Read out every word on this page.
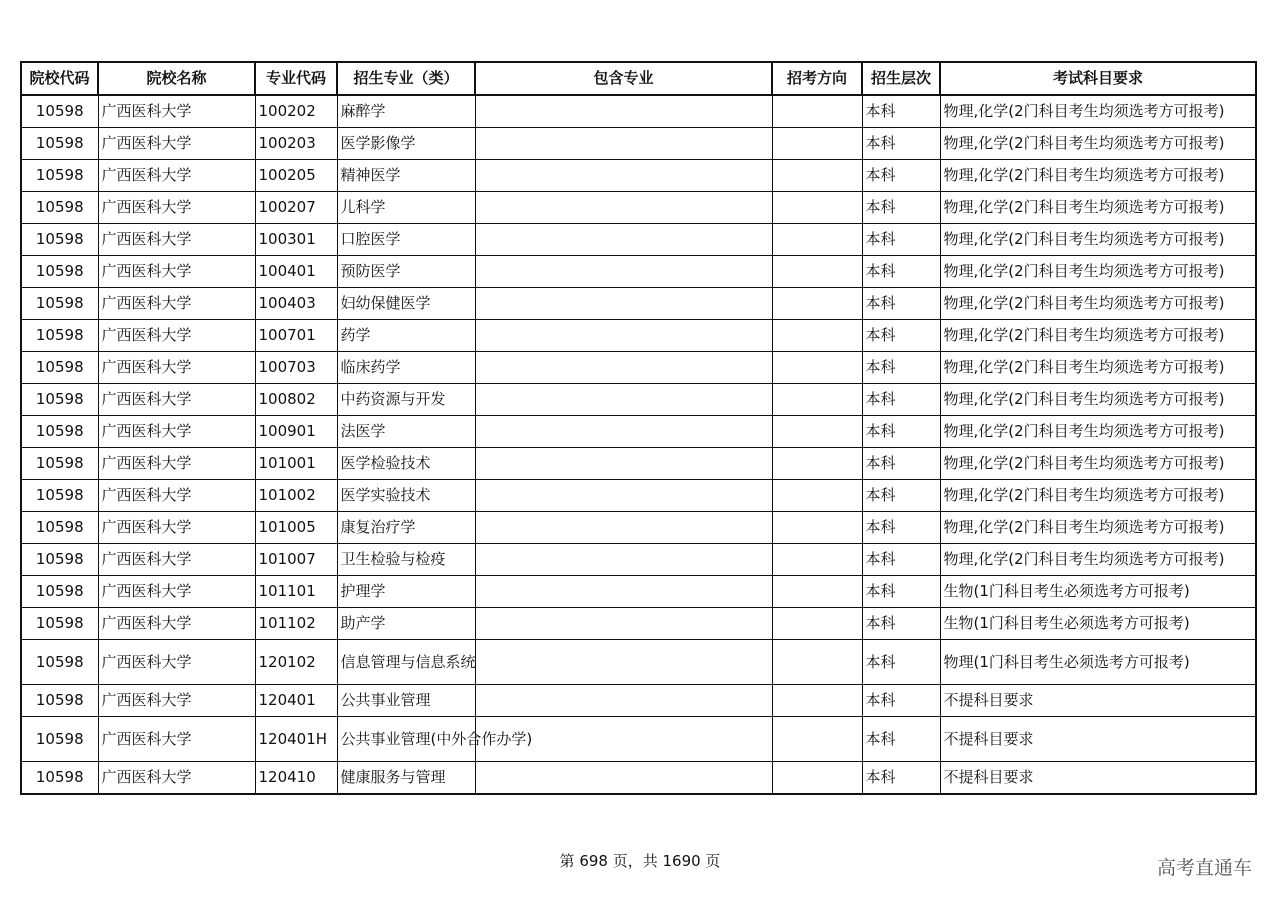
院校代码	院校名称	专业代码	招生专业（类）	包含专业	招考方向	招生层次	考试科目要求
10598	广西医科大学	100202	麻醉学			本科	物理,化学(2门科目考生均须选考方可报考)
10598	广西医科大学	100203	医学影像学			本科	物理,化学(2门科目考生均须选考方可报考)
10598	广西医科大学	100205	精神医学			本科	物理,化学(2门科目考生均须选考方可报考)
10598	广西医科大学	100207	儿科学			本科	物理,化学(2门科目考生均须选考方可报考)
10598	广西医科大学	100301	口腔医学			本科	物理,化学(2门科目考生均须选考方可报考)
10598	广西医科大学	100401	预防医学			本科	物理,化学(2门科目考生均须选考方可报考)
10598	广西医科大学	100403	妇幼保健医学			本科	物理,化学(2门科目考生均须选考方可报考)
10598	广西医科大学	100701	药学			本科	物理,化学(2门科目考生均须选考方可报考)
10598	广西医科大学	100703	临床药学			本科	物理,化学(2门科目考生均须选考方可报考)
10598	广西医科大学	100802	中药资源与开发			本科	物理,化学(2门科目考生均须选考方可报考)
10598	广西医科大学	100901	法医学			本科	物理,化学(2门科目考生均须选考方可报考)
10598	广西医科大学	101001	医学检验技术			本科	物理,化学(2门科目考生均须选考方可报考)
10598	广西医科大学	101002	医学实验技术			本科	物理,化学(2门科目考生均须选考方可报考)
10598	广西医科大学	101005	康复治疗学			本科	物理,化学(2门科目考生均须选考方可报考)
10598	广西医科大学	101007	卫生检验与检疫			本科	物理,化学(2门科目考生均须选考方可报考)
10598	广西医科大学	101101	护理学			本科	生物(1门科目考生必须选考方可报考)
10598	广西医科大学	101102	助产学			本科	生物(1门科目考生必须选考方可报考)
10598	广西医科大学	120102	信息管理与信息系统			本科	物理(1门科目考生必须选考方可报考)
10598	广西医科大学	120401	公共事业管理			本科	不提科目要求
10598	广西医科大学	120401H	公共事业管理(中外合作办学)			本科	不提科目要求
10598	广西医科大学	120410	健康服务与管理			本科	不提科目要求
第 698 页，共 1690 页	高考直通车
